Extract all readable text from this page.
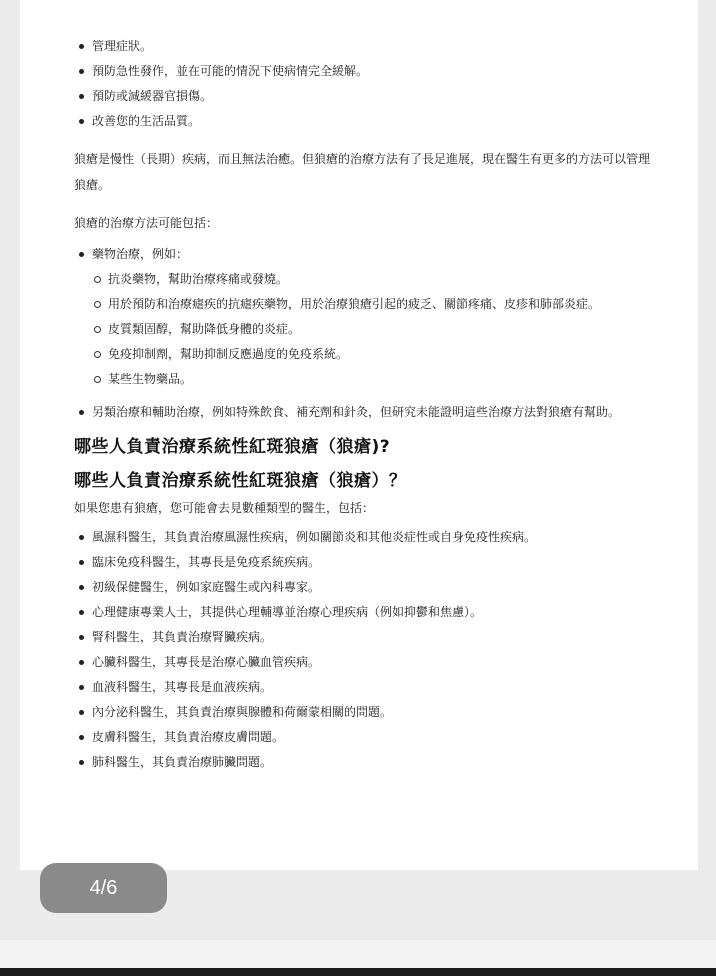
管理症狀。
預防急性發作，並在可能的情況下使病情完全緩解。
預防或減緩器官損傷。
改善您的生活品質。

狼瘡是慢性（長期）疾病，而且無法治癒。但狼瘡的治療方法有了長足進展，現在醫生有更多的方法可以管理狼瘡。

狼瘡的治療方法可能包括：

藥物治療，例如：
抗炎藥物，幫助治療疼痛或發燒。
用於預防和治療瘧疾的抗瘧疾藥物，用於治療狼瘡引起的疲乏、關節疼痛、皮疹和肺部炎症。
皮質類固醇，幫助降低身體的炎症。
免疫抑制劑，幫助抑制反應過度的免疫系統。
某些生物藥品。
另類治療和輔助治療，例如特殊飲食、補充劑和針灸，但研究未能證明這些治療方法對狼瘡有幫助。
哪些人負責治療系統性紅斑狼瘡（狼瘡)?
哪些人負責治療系統性紅斑狼瘡（狼瘡）？

如果您患有狼瘡，您可能會去見數種類型的醫生，包括：

風濕科醫生，其負責治療風濕性疾病，例如關節炎和其他炎症性或自身免疫性疾病。
臨床免疫科醫生，其專長是免疫系統疾病。
初級保健醫生，例如家庭醫生或內科專家。
心理健康專業人士，其提供心理輔導並治療心理疾病（例如抑鬱和焦慮）。
腎科醫生，其負責治療腎臟疾病。
心臟科醫生，其專長是治療心臟血管疾病。
血液科醫生，其專長是血液疾病。
內分泌科醫生，其負責治療與腺體和荷爾蒙相關的問題。
皮膚科醫生，其負責治療皮膚問題。
肺科醫生，其負責治療肺臟問題。
4/6
